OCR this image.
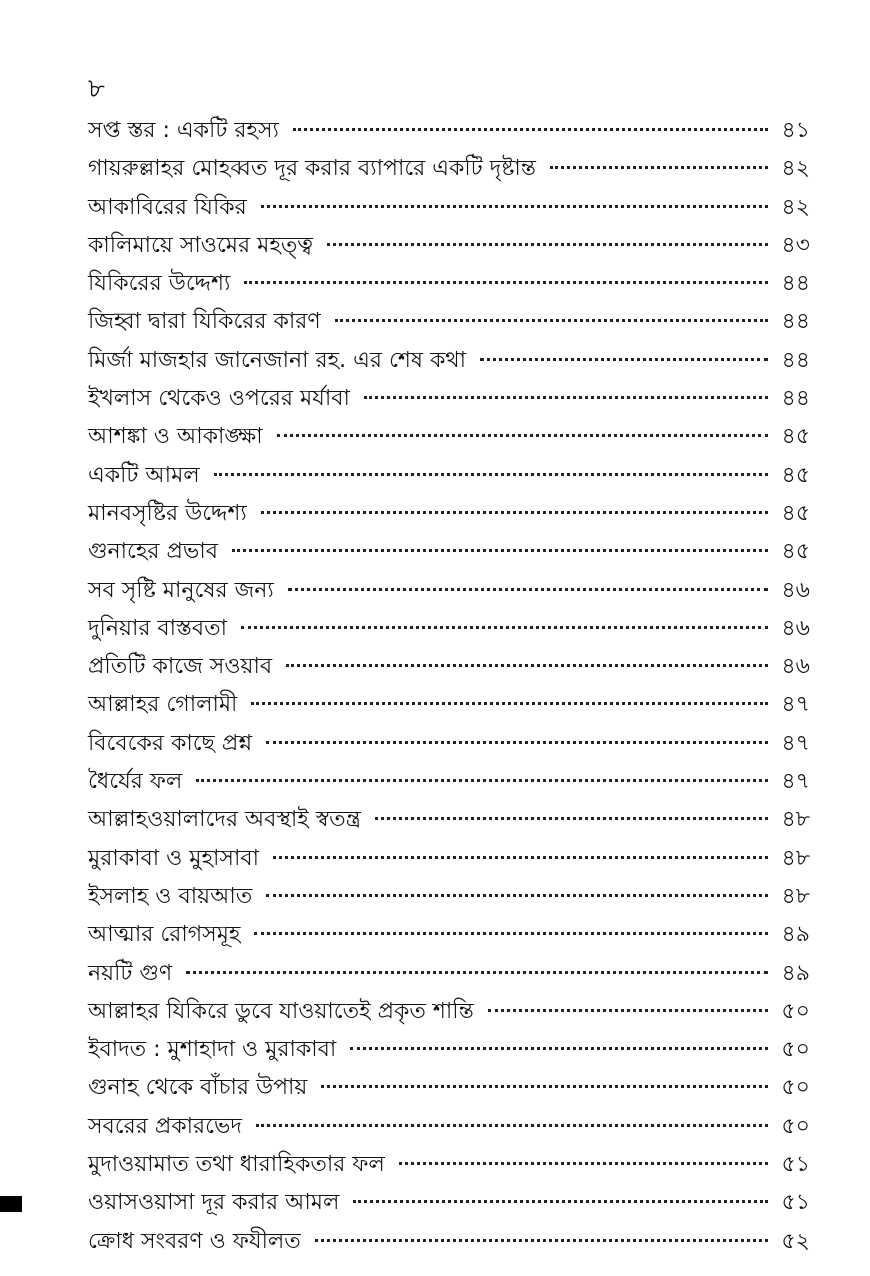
৮
সপ্ত স্তর : একটি রহস্য	৪১
গায়রুল্লাহর মোহব্বত দূর করার ব্যাপারে একটি দৃষ্টান্ত	৪২
আকাবিরের যিকির	৪২
কালিমায়ে সাওমের মহত্ত্ব	৪৩
যিকিরের উদ্দেশ্য	৪৪
জিহ্বা দ্বারা যিকিরের কারণ	৪৪
মির্জা মাজহার জানেজানা রহ. এর শেষ কথা	৪৪
ইখলাস থেকেও ওপরের মর্যাবা	৪৪
আশঙ্কা ও আকাঙ্ক্ষা	৪৫
একটি আমল	৪৫
মানবসৃষ্টির উদ্দেশ্য	৪৫
গুনাহের প্রভাব	৪৫
সব সৃষ্টি মানুষের জন্য	৪৬
দুনিয়ার বাস্তবতা	৪৬
প্রতিটি কাজে সওয়াব	৪৬
আল্লাহর গোলামী	৪৭
বিবেকের কাছে প্রশ্ন	৪৭
ধৈর্যের ফল	৪৭
আল্লাহওয়ালাদের অবস্থাই স্বতন্ত্র	৪৮
মুরাকাবা ও মুহাসাবা	৪৮
ইসলাহ ও বায়আত	৪৮
আত্মার রোগসমূহ	৪৯
নয়টি গুণ	৪৯
আল্লাহর যিকিরে ডুবে যাওয়াতেই প্রকৃত শান্তি	৫০
ইবাদত : মুশাহাদা ও মুরাকাবা	৫০
গুনাহ থেকে বাঁচার উপায়	৫০
সবরের প্রকারভেদ	৫০
মুদাওয়ামাত তথা ধারাহিকতার ফল	৫১
ওয়াসওয়াসা দূর করার আমল	৫১
ক্রোধ সংবরণ ও ফযীলত	৫২
